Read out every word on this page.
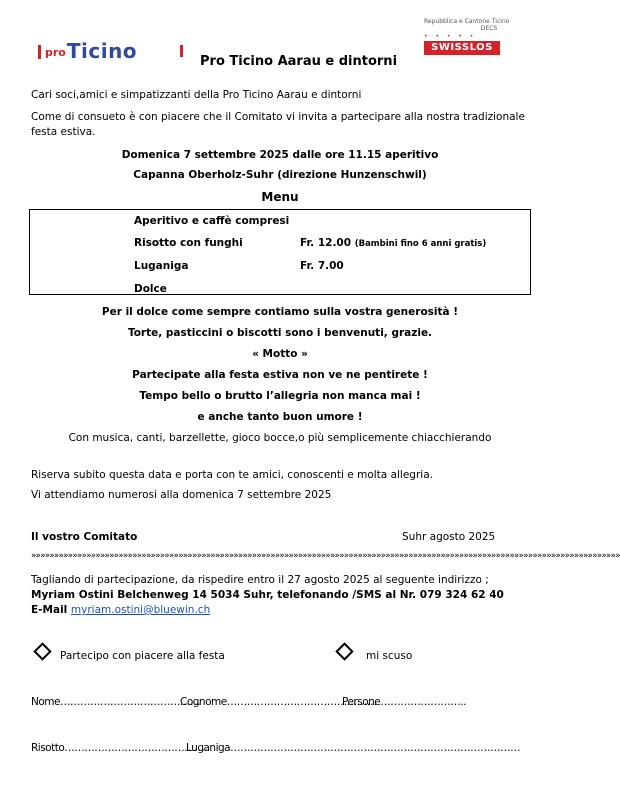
pro Ticino
Repubblica e Cantone Ticino
DECS
• • • • •
SWISSLOS
Pro Ticino Aarau e dintorni
Cari soci,amici e simpatizzanti della Pro Ticino Aarau e dintorni
Come di consueto è con piacere che il Comitato vi invita a partecipare alla nostra tradizionale
festa estiva.
Domenica 7 settembre 2025 dalle ore 11.15 aperitivo
Capanna Oberholz-Suhr (direzione Hunzenschwil)
Menu
Aperitivo e caffè compresi
Risotto con funghi	Fr. 12.00 (Bambini fino 6 anni gratis)
Luganiga	Fr. 7.00
Dolce
Per il dolce come sempre contiamo sulla vostra generosità !
Torte, pasticcini o biscotti sono i benvenuti, grazie.
« Motto »
Partecipate alla festa estiva non ve ne pentirete !
Tempo bello o brutto l’allegria non manca mai !
e anche tanto buon umore !
Con musica, canti, barzellette, gioco bocce,o più semplicemente chiacchierando
Riserva subito questa data e porta con te amici, conoscenti e molta allegria.
Vi attendiamo numerosi alla domenica 7 settembre 2025
Il vostro Comitato	Suhr agosto 2025
»»»»»»»»»»»»»»»»»»»»»»»»»»»»»»»»»»»»»»»»»»»»»»»»»»»»»»»»»»»»»»»»»»»»»»»»»»»»»»»»»»»»»»»»»»»»»»»»»»»»»»»»»»»»»»»»»»»»»»»»»»»»»»»»
Tagliando di partecipazione, da rispedire entro il 27 agosto 2025 al seguente indirizzo ;
Myriam Ostini Belchenweg 14 5034 Suhr, telefonando /SMS al Nr. 079 324 62 40
E-Mail myriam.ostini@bluewin.ch
Partecipo con piacere alla festa	mi scuso
Nome……………………………………
Cognome………………………………………
Persone……………………..
Risotto…………………………………….
Luganiga……………………………………………………………………………
